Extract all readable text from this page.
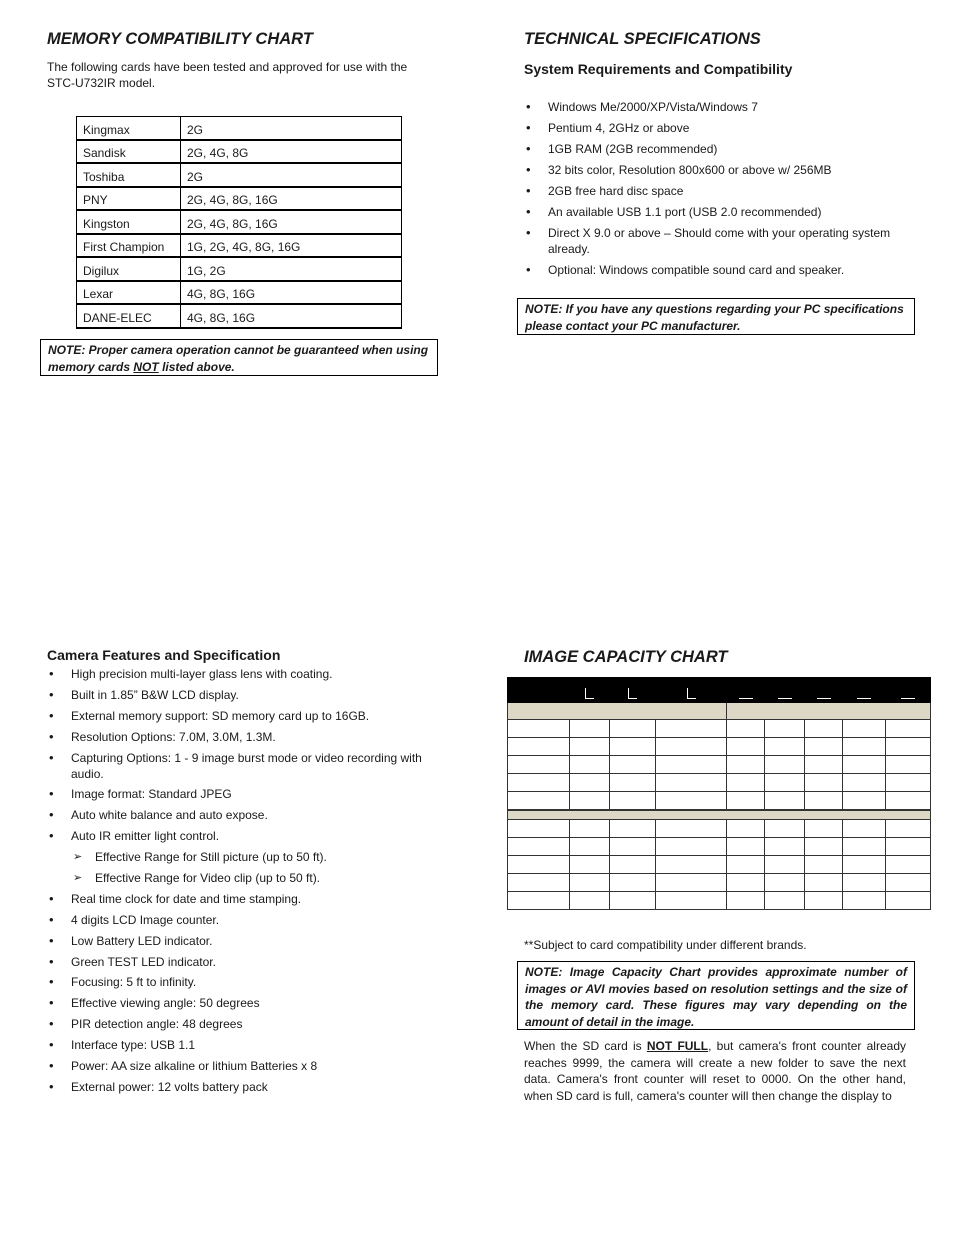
MEMORY COMPATIBILITY CHART
The following cards have been tested and approved for use with the STC-U732IR model.
Kingmax	2G
Sandisk	2G, 4G, 8G
Toshiba	2G
PNY	2G, 4G, 8G, 16G
Kingston	2G, 4G, 8G, 16G
First Champion	1G, 2G, 4G, 8G, 16G
Digilux	1G, 2G
Lexar	4G, 8G, 16G
DANE-ELEC	4G, 8G, 16G
NOTE: Proper camera operation cannot be guaranteed when using memory cards NOT listed above.
TECHNICAL SPECIFICATIONS
System Requirements and Compatibility
• Windows Me/2000/XP/Vista/Windows 7
• Pentium 4, 2GHz or above
• 1GB RAM (2GB recommended)
• 32 bits color, Resolution 800x600 or above w/ 256MB
• 2GB free hard disc space
• An available USB 1.1 port (USB 2.0 recommended)
• Direct X 9.0 or above – Should come with your operating system already.
• Optional: Windows compatible sound card and speaker.
NOTE: If you have any questions regarding your PC specifications please contact your PC manufacturer.
Camera Features and Specification
• High precision multi-layer glass lens with coating.
• Built in 1.85” B&W LCD display.
• External memory support: SD memory card up to 16GB.
• Resolution Options: 7.0M, 3.0M, 1.3M.
• Capturing Options: 1 - 9 image burst mode or video recording with audio.
• Image format: Standard JPEG
• Auto white balance and auto expose.
• Auto IR emitter light control.
➢ Effective Range for Still picture (up to 50 ft).
➢ Effective Range for Video clip (up to 50 ft).
• Real time clock for date and time stamping.
• 4 digits LCD Image counter.
• Low Battery LED indicator.
• Green TEST LED indicator.
• Focusing: 5 ft to infinity.
• Effective viewing angle: 50 degrees
• PIR detection angle: 48 degrees
• Interface type: USB 1.1
• Power: AA size alkaline or lithium Batteries x 8
• External power: 12 volts battery pack
IMAGE CAPACITY CHART

**Subject to card compatibility under different brands.
NOTE: Image Capacity Chart provides approximate number of images or AVI movies based on resolution settings and the size of the memory card. These figures may vary depending on the amount of detail in the image.
When the SD card is NOT FULL, but camera's front counter already reaches 9999, the camera will create a new folder to save the next data. Camera's front counter will reset to 0000. On the other hand, when SD card is full, camera's counter will then change the display to
